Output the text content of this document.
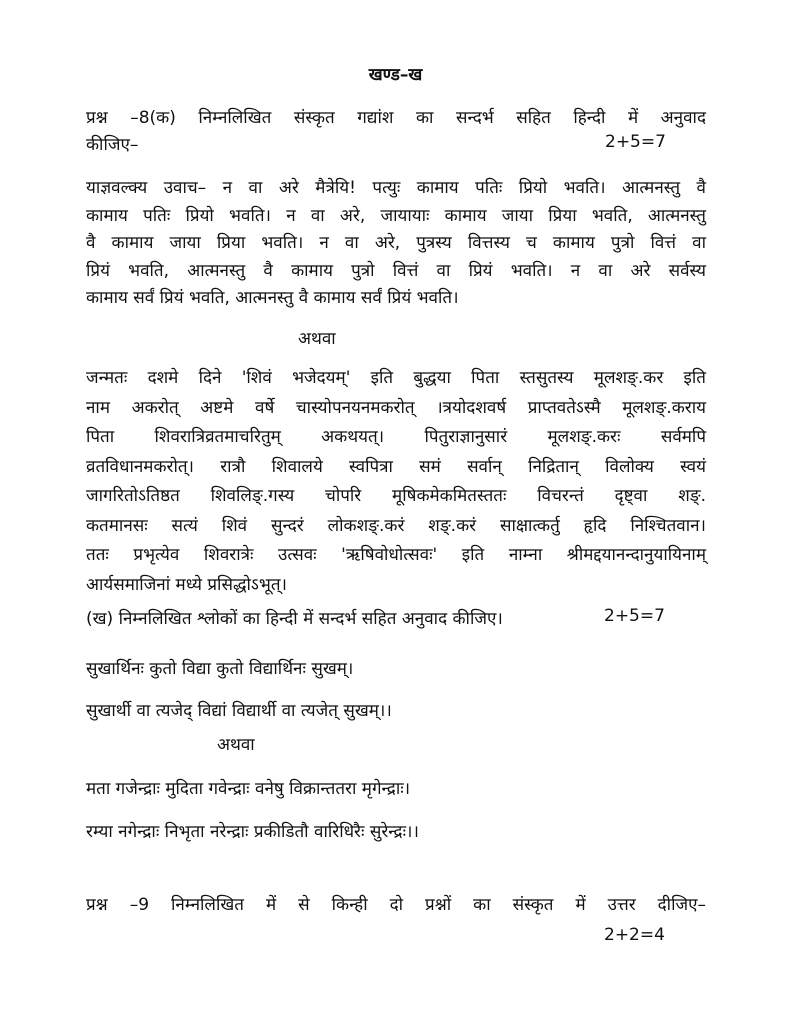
खण्ड–ख
प्रश्न –8(क) निम्नलिखित संस्कृत गद्यांश का सन्दर्भ सहित हिन्दी में अनुवाद
कीजिए–	2+5=7
याज्ञवल्क्य उवाच– न वा अरे मैत्रेयि! पत्युः कामाय पतिः प्रियो भवति। आत्मनस्तु वै
कामाय पतिः प्रियो भवति। न वा अरे, जायायाः कामाय जाया प्रिया भवति, आत्मनस्तु
वै कामाय जाया प्रिया भवति। न वा अरे, पुत्रस्य वित्तस्य च कामाय पुत्रो वित्तं वा
प्रियं भवति, आत्मनस्तु वै कामाय पुत्रो वित्तं वा प्रियं भवति। न वा अरे सर्वस्य
कामाय सर्वं प्रियं भवति, आत्मनस्तु वै कामाय सर्वं प्रियं भवति।
अथवा
जन्मतः दशमे दिने 'शिवं भजेदयम्' इति बुद्धया पिता स्तसुतस्य मूलशङ्.कर इति
नाम अकरोत् अष्टमे वर्षे चास्योपनयनमकरोत् ।त्रयोदशवर्ष प्राप्तवतेऽस्मै मूलशङ्.कराय
पिता शिवरात्रिव्रतमाचरितुम् अकथयत्। पितुराज्ञानुसारं मूलशङ्.करः सर्वमपि
व्रतविधानमकरोत्। रात्रौ शिवालये स्वपित्रा समं सर्वान् निद्रितान् विलोक्य स्वयं
जागरितोऽतिष्ठत शिवलिङ्.गस्य चोपरि मूषिकमेकमितस्ततः विचरन्तं दृष्ट्वा शङ्.
कतमानसः सत्यं शिवं सुन्दरं लोकशङ्.करं शङ्.करं साक्षात्कर्तु हृदि निश्चितवान।
ततः प्रभृत्येव शिवरात्रेः उत्सवः 'ऋषिवोधोत्सवः' इति नाम्ना श्रीमद्दयानन्दानुयायिनाम्
आर्यसमाजिनां मध्ये प्रसिद्धोऽभूत्।
(ख) निम्नलिखित श्लोकों का हिन्दी में सन्दर्भ सहित अनुवाद कीजिए।	2+5=7
सुखार्थिनः कुतो विद्या कुतो विद्यार्थिनः सुखम्।
सुखार्थी वा त्यजेद् विद्यां विद्यार्थी वा त्यजेत् सुखम्।।
अथवा
मता गजेन्द्राः मुदिता गवेन्द्राः वनेषु विक्रान्ततरा मृगेन्द्राः।
रम्या नगेन्द्राः निभृता नरेन्द्राः प्रकीडितौ वारिधिरैः सुरेन्द्रः।।
प्रश्न –9 निम्नलिखित में से किन्ही दो प्रश्नों का संस्कृत में उत्तर दीजिए–
2+2=4
